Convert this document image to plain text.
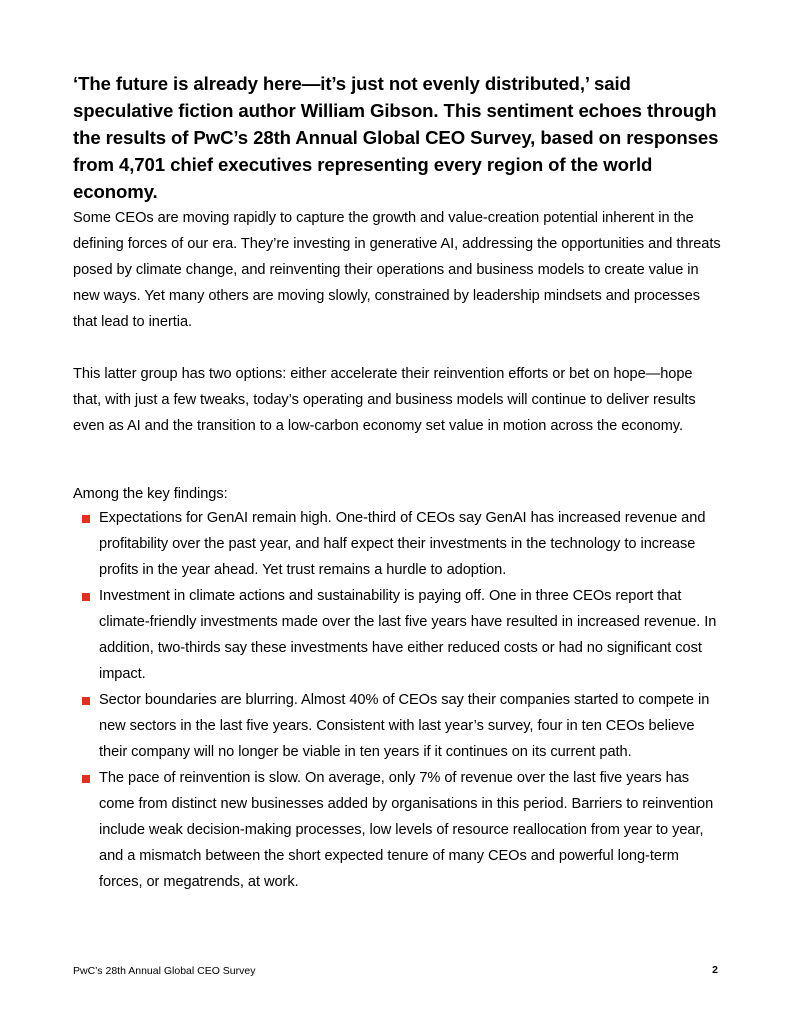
‘The future is already here—it’s just not evenly distributed,’ said speculative fiction author William Gibson. This sentiment echoes through the results of PwC’s 28th Annual Global CEO Survey, based on responses from 4,701 chief executives representing every region of the world economy.

Some CEOs are moving rapidly to capture the growth and value-creation potential inherent in the defining forces of our era. They’re investing in generative AI, addressing the opportunities and threats posed by climate change, and reinventing their operations and business models to create value in new ways. Yet many others are moving slowly, constrained by leadership mindsets and processes that lead to inertia.

This latter group has two options: either accelerate their reinvention efforts or bet on hope—hope that, with just a few tweaks, today’s operating and business models will continue to deliver results even as AI and the transition to a low-carbon economy set value in motion across the economy.

Among the key findings:

Expectations for GenAI remain high. One-third of CEOs say GenAI has increased revenue and profitability over the past year, and half expect their investments in the technology to increase profits in the year ahead. Yet trust remains a hurdle to adoption.
Investment in climate actions and sustainability is paying off. One in three CEOs report that climate-friendly investments made over the last five years have resulted in increased revenue. In addition, two-thirds say these investments have either reduced costs or had no significant cost impact.
Sector boundaries are blurring. Almost 40% of CEOs say their companies started to compete in new sectors in the last five years. Consistent with last year’s survey, four in ten CEOs believe their company will no longer be viable in ten years if it continues on its current path.
The pace of reinvention is slow. On average, only 7% of revenue over the last five years has come from distinct new businesses added by organisations in this period. Barriers to reinvention include weak decision-making processes, low levels of resource reallocation from year to year, and a mismatch between the short expected tenure of many CEOs and powerful long-term forces, or megatrends, at work.
PwC’s 28th Annual Global CEO Survey	2
